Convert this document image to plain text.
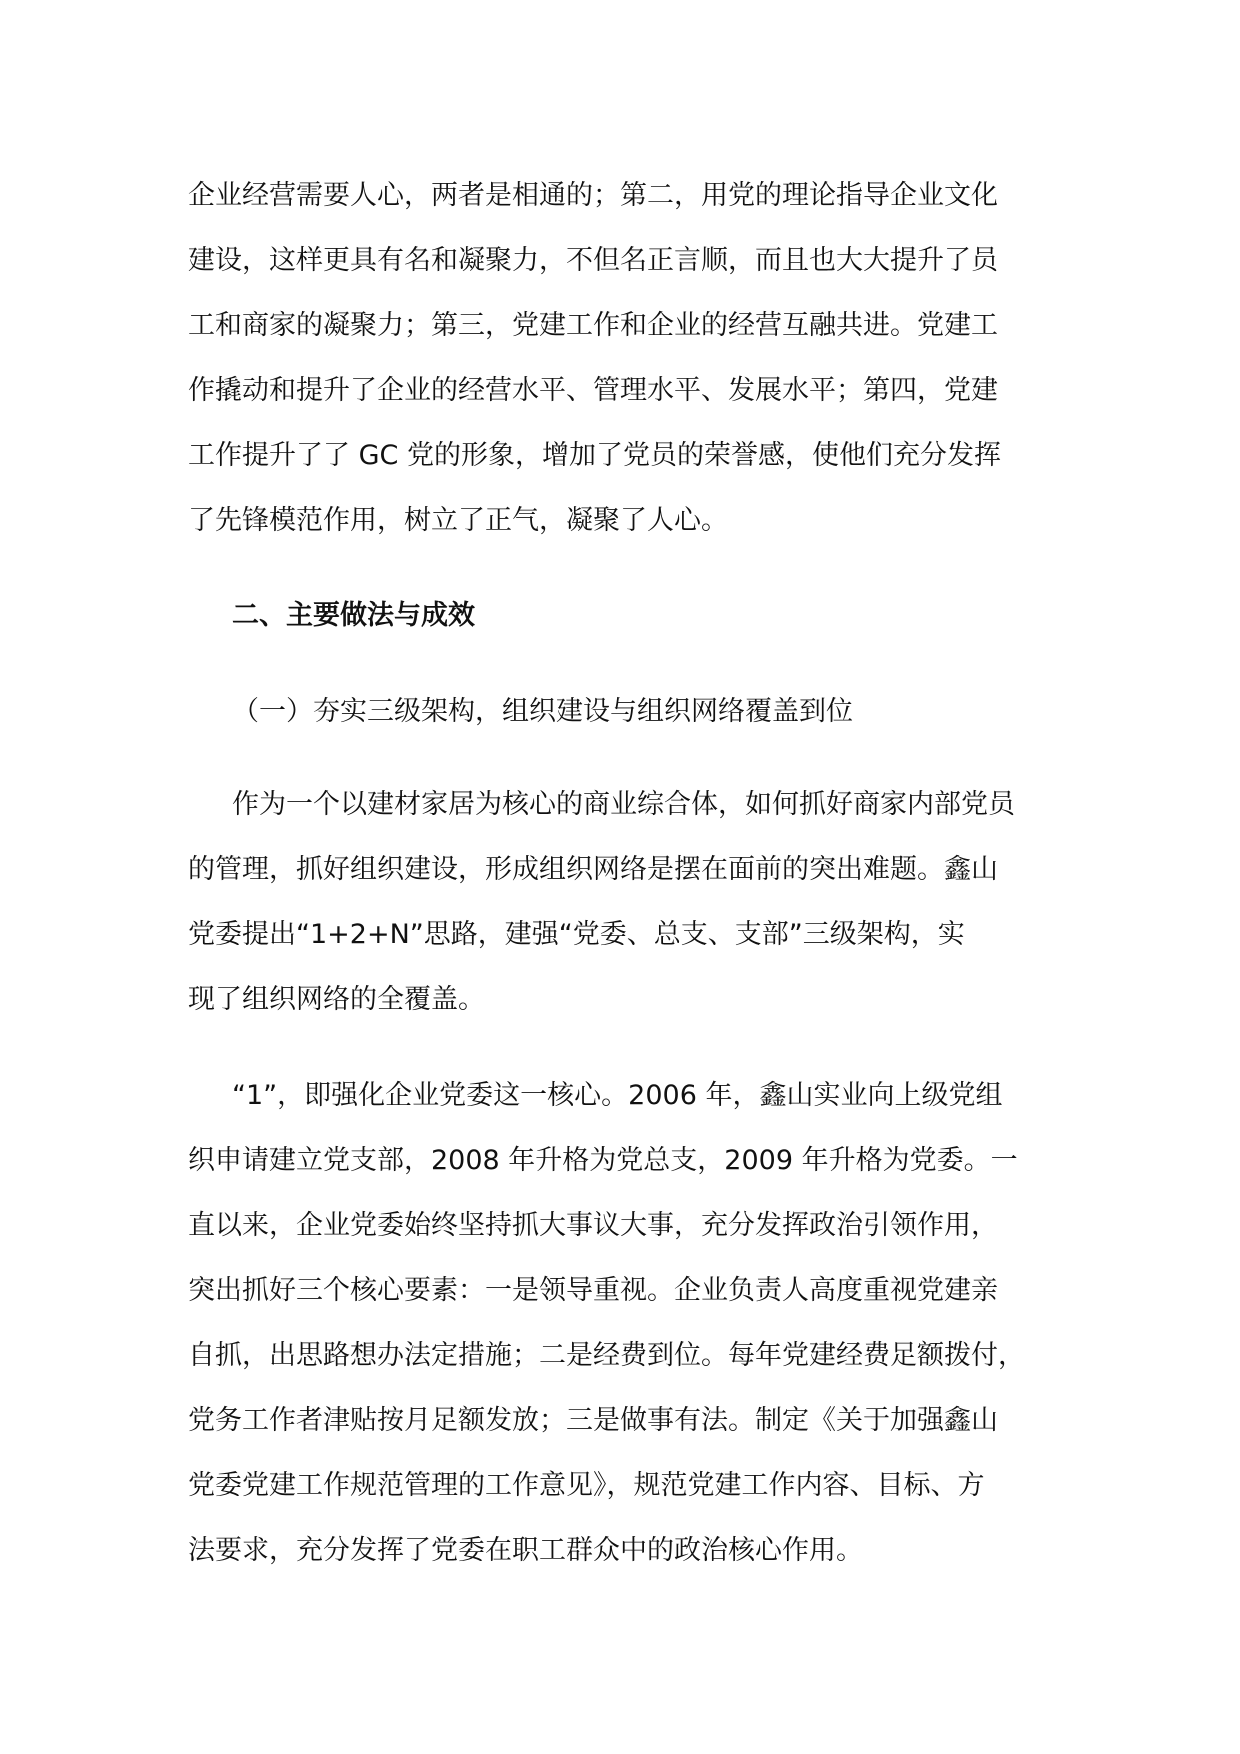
企业经营需要人心，两者是相通的；第二，用党的理论指导企业文化
建设，这样更具有名和凝聚力，不但名正言顺，而且也大大提升了员
工和商家的凝聚力；第三，党建工作和企业的经营互融共进。党建工
作撬动和提升了企业的经营水平、管理水平、发展水平；第四，党建
工作提升了了 GC 党的形象，增加了党员的荣誉感，使他们充分发挥
了先锋模范作用，树立了正气，凝聚了人心。
二、主要做法与成效
（一）夯实三级架构，组织建设与组织网络覆盖到位
作为一个以建材家居为核心的商业综合体，如何抓好商家内部党员
的管理，抓好组织建设，形成组织网络是摆在面前的突出难题。鑫山
党委提出“1+2+N”思路，建强“党委、总支、支部”三级架构，实
现了组织网络的全覆盖。
“1”，即强化企业党委这一核心。2006 年，鑫山实业向上级党组
织申请建立党支部，2008 年升格为党总支，2009 年升格为党委。一
直以来，企业党委始终坚持抓大事议大事，充分发挥政治引领作用，
突出抓好三个核心要素：一是领导重视。企业负责人高度重视党建亲
自抓，出思路想办法定措施；二是经费到位。每年党建经费足额拨付，
党务工作者津贴按月足额发放；三是做事有法。制定《关于加强鑫山
党委党建工作规范管理的工作意见》，规范党建工作内容、目标、方
法要求，充分发挥了党委在职工群众中的政治核心作用。
